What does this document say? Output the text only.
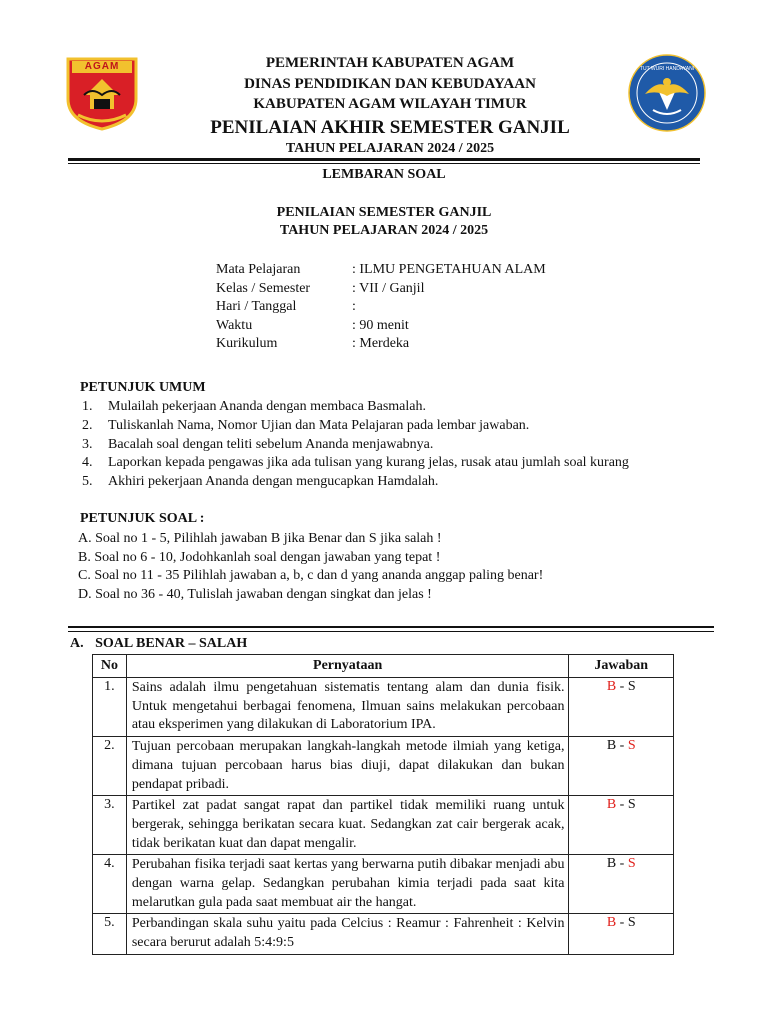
AGAM	TUT WURI HANDAYANI
PEMERINTAH KABUPATEN AGAM
DINAS PENDIDIKAN DAN KEBUDAYAAN
KABUPATEN AGAM WILAYAH TIMUR
PENILAIAN AKHIR SEMESTER GANJIL
TAHUN PELAJARAN 2024 / 2025
LEMBARAN SOAL
PENILAIAN SEMESTER GANJIL
TAHUN PELAJARAN 2024 / 2025
Mata Pelajaran	: ILMU PENGETAHUAN ALAM
Kelas / Semester	: VII / Ganjil
Hari / Tanggal	:
Waktu	: 90 menit
Kurikulum	: Merdeka
PETUNJUK UMUM
1. Mulailah pekerjaan Ananda dengan membaca Basmalah.
2. Tuliskanlah Nama, Nomor Ujian dan Mata Pelajaran pada lembar jawaban.
3. Bacalah soal dengan teliti sebelum Ananda menjawabnya.
4. Laporkan kepada pengawas jika ada tulisan yang kurang jelas, rusak atau jumlah soal kurang
5. Akhiri pekerjaan Ananda dengan mengucapkan Hamdalah.
PETUNJUK SOAL :
A. Soal no 1 - 5, Pilihlah jawaban B jika Benar dan S jika salah !
B. Soal no 6 - 10, Jodohkanlah soal dengan jawaban yang tepat !
C. Soal no 11 - 35 Pilihlah jawaban a, b, c dan d yang ananda anggap paling benar!
D. Soal no 36 - 40, Tulislah jawaban dengan singkat dan jelas !
A. SOAL BENAR – SALAH
No	Pernyataan	Jawaban
1.	Sains adalah ilmu pengetahuan sistematis tentang alam dan dunia fisik. Untuk mengetahui berbagai fenomena, Ilmuan sains melakukan percobaan atau eksperimen yang dilakukan di Laboratorium IPA.	B - S
2.	Tujuan percobaan merupakan langkah-langkah metode ilmiah yang ketiga, dimana tujuan percobaan harus bias diuji, dapat dilakukan dan bukan pendapat pribadi.	B - S
3.	Partikel zat padat sangat rapat dan partikel tidak memiliki ruang untuk bergerak, sehingga berikatan secara kuat. Sedangkan zat cair bergerak acak, tidak berikatan kuat dan dapat mengalir.	B - S
4.	Perubahan fisika terjadi saat kertas yang berwarna putih dibakar menjadi abu dengan warna gelap. Sedangkan perubahan kimia terjadi pada saat kita melarutkan gula pada saat membuat air the hangat.	B - S
5.	Perbandingan skala suhu yaitu pada Celcius : Reamur : Fahrenheit : Kelvin secara berurut adalah 5:4:9:5	B - S
